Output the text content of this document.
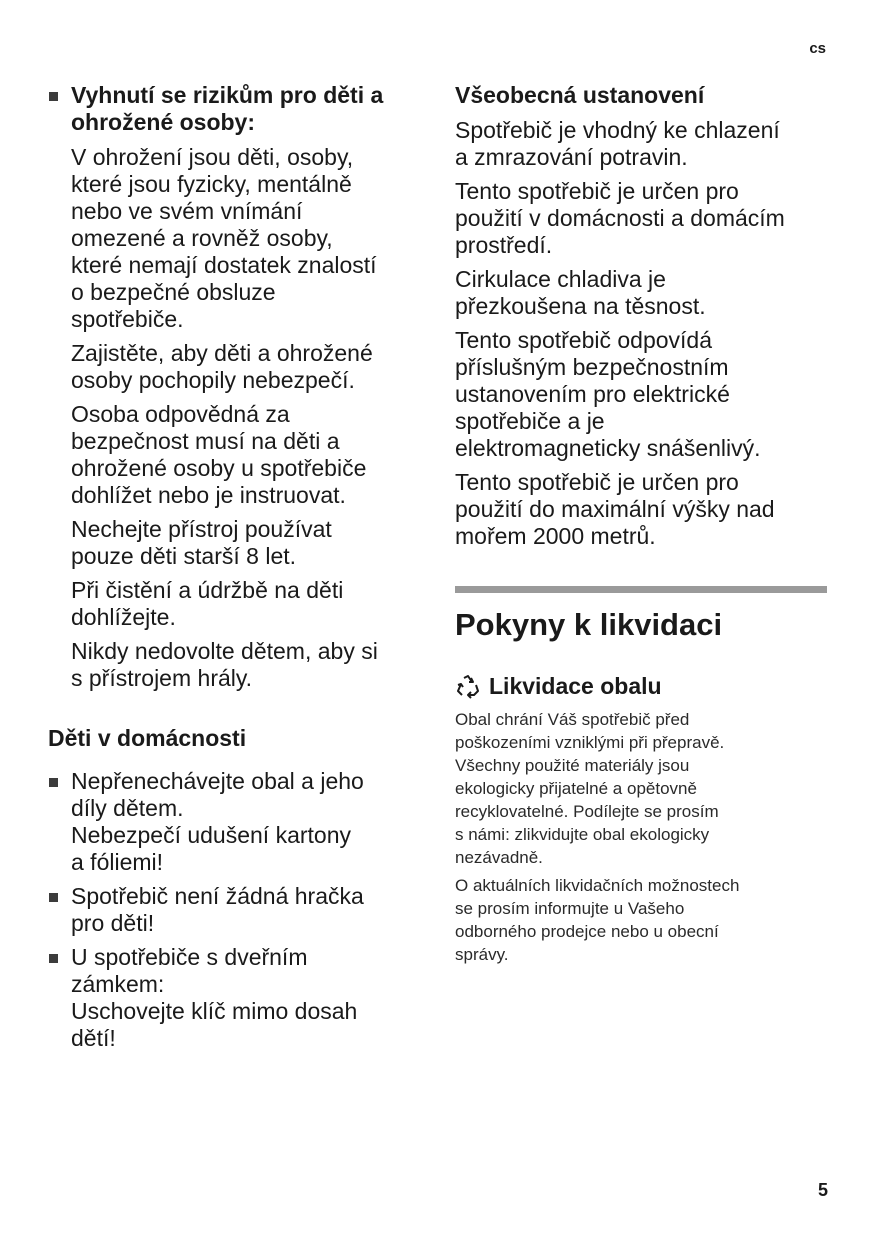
cs
Vyhnutí se rizikům pro děti a
ohrožené osoby:

V ohrožení jsou děti, osoby,
které jsou fyzicky, mentálně
nebo ve svém vnímání
omezené a rovněž osoby,
které nemají dostatek znalostí
o bezpečné obsluze
spotřebiče.

Zajistěte, aby děti a ohrožené
osoby pochopily nebezpečí.

Osoba odpovědná za
bezpečnost musí na děti a
ohrožené osoby u spotřebiče
dohlížet nebo je instruovat.

Nechejte přístroj používat
pouze děti starší 8 let.

Při čistění a údržbě na děti
dohlížejte.

Nikdy nedovolte dětem, aby si
s přístrojem hrály.

Děti v domácnosti

Nepřenechávejte obal a jeho
díly dětem.
Nebezpečí udušení kartony
a fóliemi!

Spotřebič není žádná hračka
pro děti!

U spotřebiče s dveřním
zámkem:
Uschovejte klíč mimo dosah
dětí!

Všeobecná ustanovení

Spotřebič je vhodný ke chlazení
a zmrazování potravin.

Tento spotřebič je určen pro
použití v domácnosti a domácím
prostředí.

Cirkulace chladiva je
přezkoušena na těsnost.

Tento spotřebič odpovídá
příslušným bezpečnostním
ustanovením pro elektrické
spotřebiče a je
elektromagneticky snášenlivý.

Tento spotřebič je určen pro
použití do maximální výšky nad
mořem 2000 metrů.

Pokyny k likvidaci
Likvidace obalu

Obal chrání Váš spotřebič před
poškozeními vzniklými při přepravě.
Všechny použité materiály jsou
ekologicky přijatelné a opětovně
recyklovatelné. Podílejte se prosím
s námi: zlikvidujte obal ekologicky
nezávadně.

O aktuálních likvidačních možnostech
se prosím informujte u Vašeho
odborného prodejce nebo u obecní
správy.

5
